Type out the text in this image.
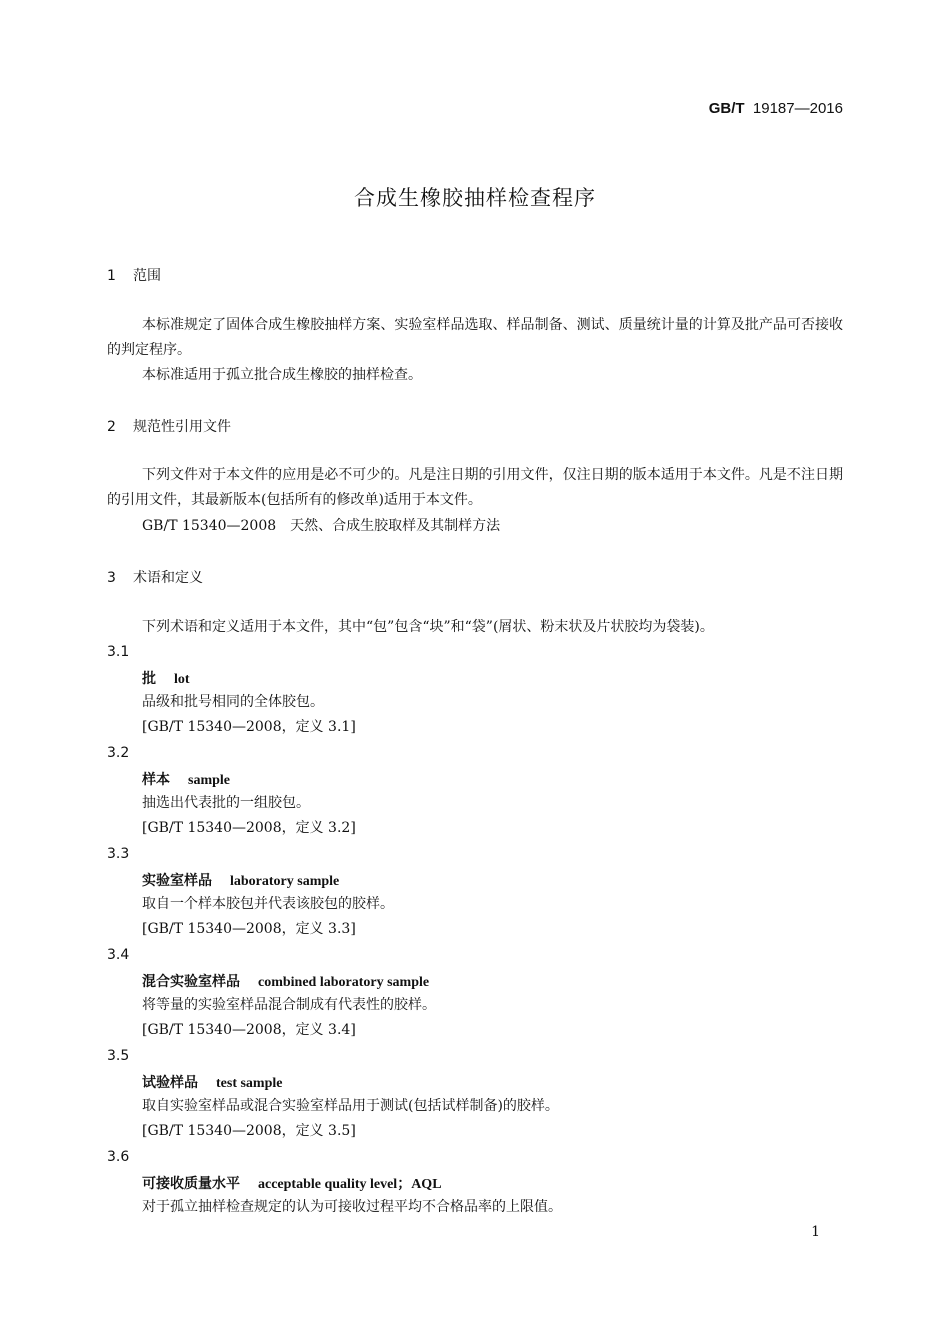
GB/T 19187—2016
合成生橡胶抽样检查程序
1 范围
本标准规定了固体合成生橡胶抽样方案、实验室样品选取、样品制备、测试、质量统计量的计算及批产品可否接收的判定程序。
本标准适用于孤立批合成生橡胶的抽样检查。
2 规范性引用文件
下列文件对于本文件的应用是必不可少的。凡是注日期的引用文件，仅注日期的版本适用于本文件。凡是不注日期的引用文件，其最新版本(包括所有的修改单)适用于本文件。
GB/T 15340—2008　天然、合成生胶取样及其制样方法
3 术语和定义
下列术语和定义适用于本文件，其中“包”包含“块”和“袋”(屑状、粉末状及片状胶均为袋装)。
3.1
批 lot
品级和批号相同的全体胶包。
[GB/T 15340—2008，定义 3.1]
3.2
样本 sample
抽选出代表批的一组胶包。
[GB/T 15340—2008，定义 3.2]
3.3
实验室样品 laboratory sample
取自一个样本胶包并代表该胶包的胶样。
[GB/T 15340—2008，定义 3.3]
3.4
混合实验室样品 combined laboratory sample
将等量的实验室样品混合制成有代表性的胶样。
[GB/T 15340—2008，定义 3.4]
3.5
试验样品 test sample
取自实验室样品或混合实验室样品用于测试(包括试样制备)的胶样。
[GB/T 15340—2008，定义 3.5]
3.6
可接收质量水平 acceptable quality level；AQL
对于孤立抽样检查规定的认为可接收过程平均不合格品率的上限值。
1
